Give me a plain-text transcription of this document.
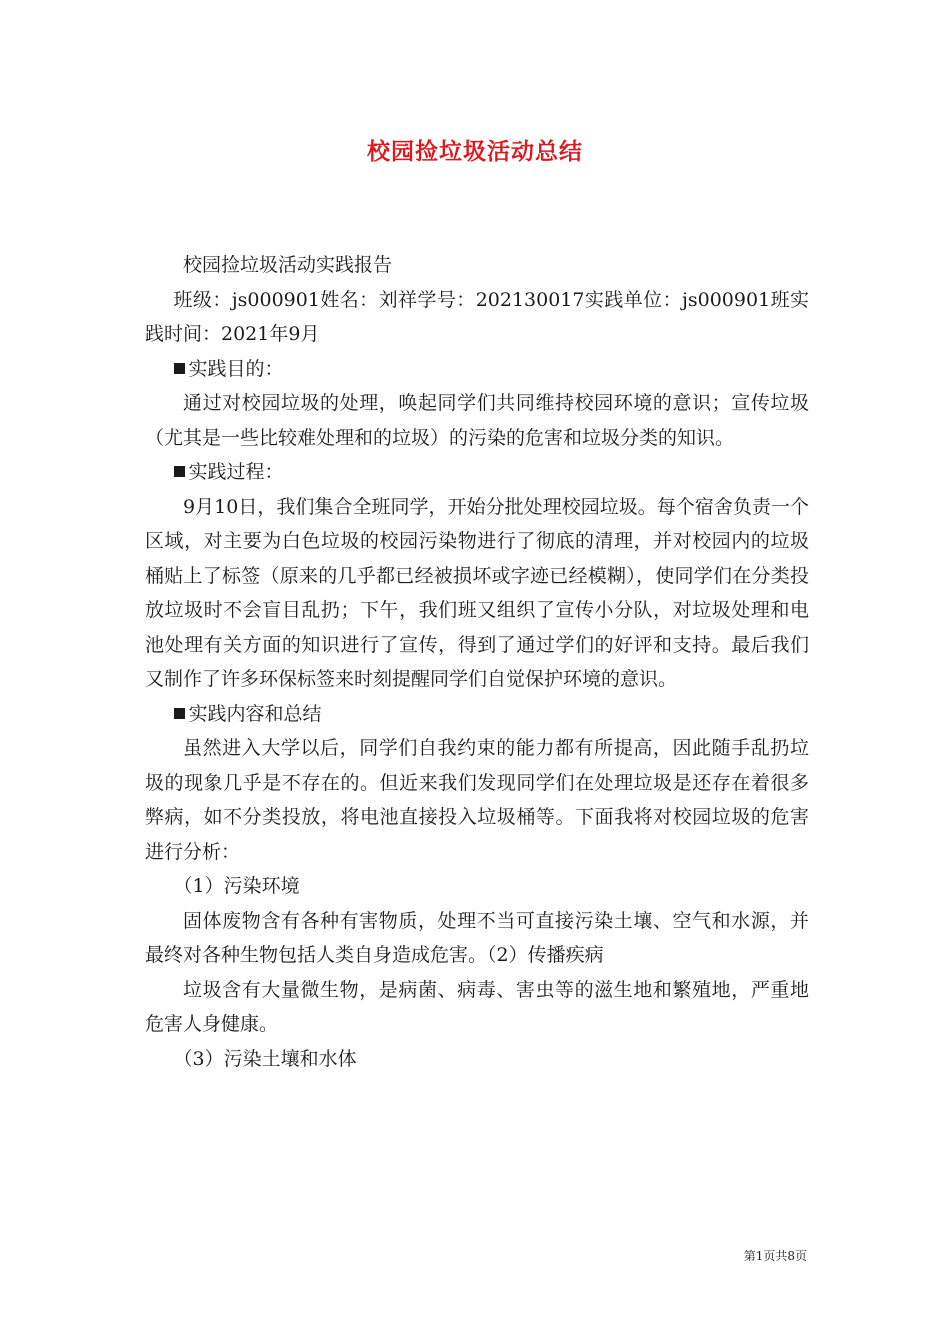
校园捡垃圾活动总结

校园捡垃圾活动实践报告

班级：js000901姓名：刘祥学号：202130017实践单位：js000901班实践时间：2021年9月

实践目的：

通过对校园垃圾的处理，唤起同学们共同维持校园环境的意识；宣传垃圾（尤其是一些比较难处理和的垃圾）的污染的危害和垃圾分类的知识。

实践过程：

9月10日，我们集合全班同学，开始分批处理校园垃圾。每个宿舍负责一个区域，对主要为白色垃圾的校园污染物进行了彻底的清理，并对校园内的垃圾桶贴上了标签（原来的几乎都已经被损坏或字迹已经模糊），使同学们在分类投放垃圾时不会盲目乱扔；下午，我们班又组织了宣传小分队，对垃圾处理和电池处理有关方面的知识进行了宣传，得到了通过学们的好评和支持。最后我们又制作了许多环保标签来时刻提醒同学们自觉保护环境的意识。

实践内容和总结

虽然进入大学以后，同学们自我约束的能力都有所提高，因此随手乱扔垃圾的现象几乎是不存在的。但近来我们发现同学们在处理垃圾是还存在着很多弊病，如不分类投放，将电池直接投入垃圾桶等。下面我将对校园垃圾的危害进行分析：

（1）污染环境

固体废物含有各种有害物质，处理不当可直接污染土壤、空气和水源，并最终对各种生物包括人类自身造成危害。（2）传播疾病

垃圾含有大量微生物，是病菌、病毒、害虫等的滋生地和繁殖地，严重地危害人身健康。

（3）污染土壤和水体

第1页共8页
